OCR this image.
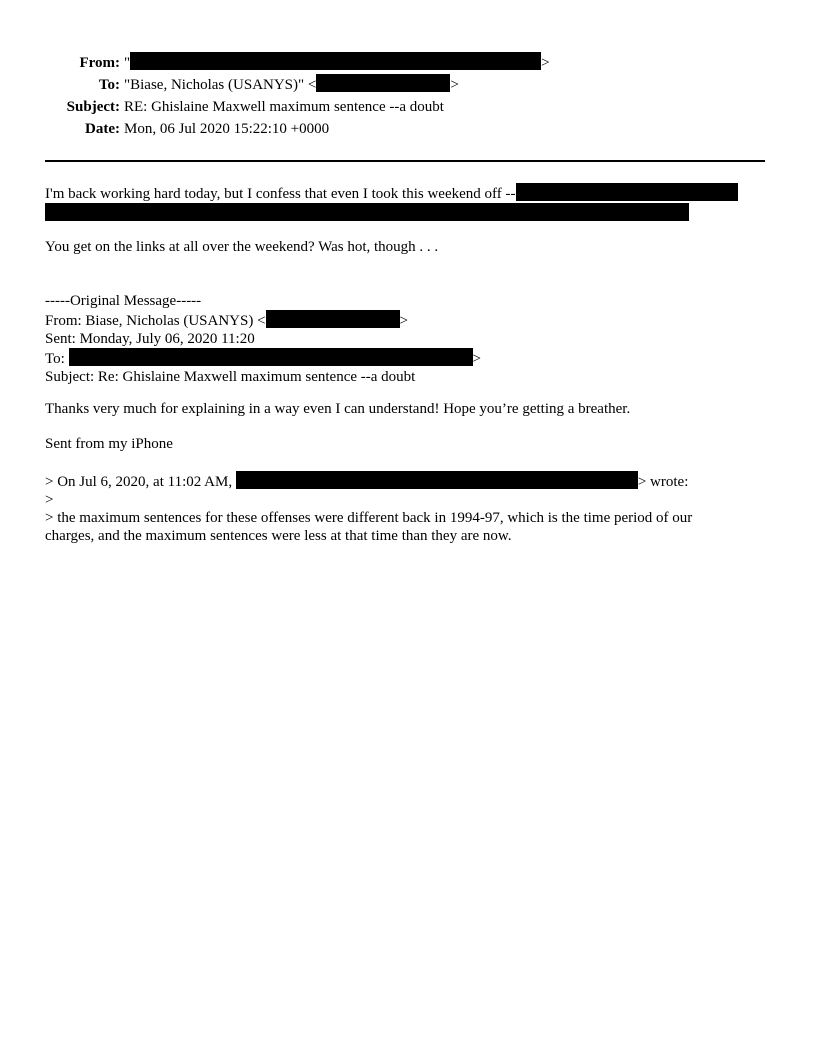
From: "	>
To: "Biase, Nicholas (USANYS)" <	>
Subject: RE: Ghislaine Maxwell maximum sentence --a doubt
Date: Mon, 06 Jul 2020 15:22:10 +0000
I'm back working hard today, but I confess that even I took this weekend off --
You get on the links at all over the weekend? Was hot, though . . .
-----Original Message-----
From: Biase, Nicholas (USANYS) <	>
Sent: Monday, July 06, 2020 11:20
To:	>
Subject: Re: Ghislaine Maxwell maximum sentence --a doubt
Thanks very much for explaining in a way even I can understand! Hope you’re getting a breather.
Sent from my iPhone
> On Jul 6, 2020, at 11:02 AM,	> wrote:
>
> the maximum sentences for these offenses were different back in 1994-97, which is the time period of our
charges, and the maximum sentences were less at that time than they are now.
